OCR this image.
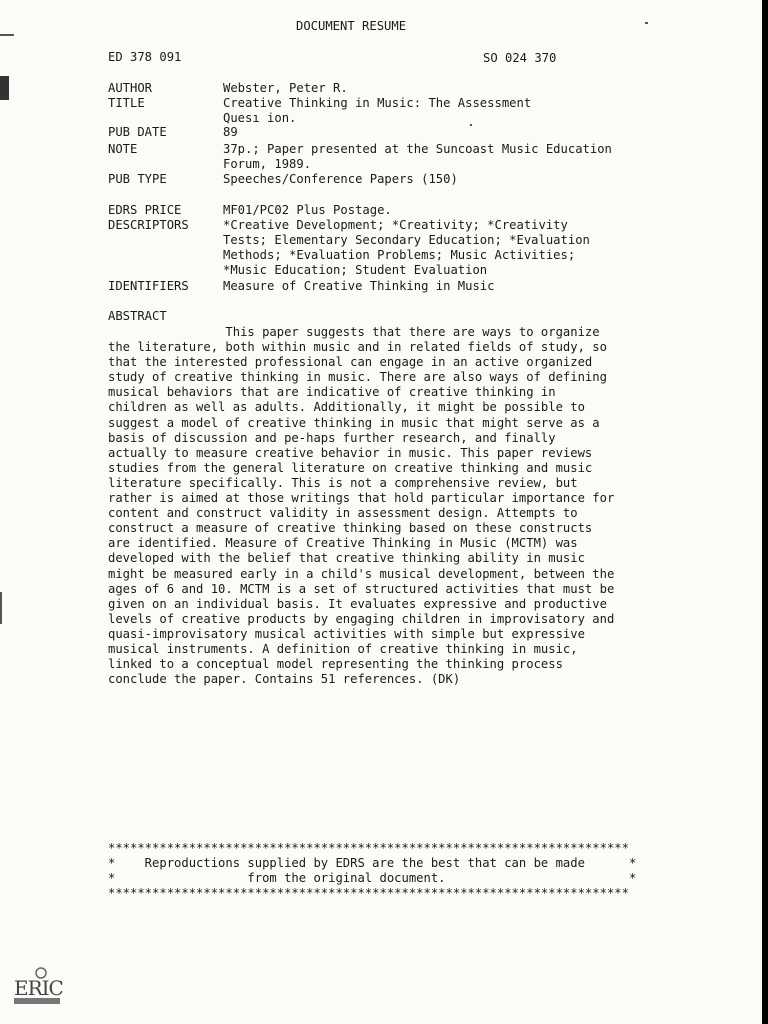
DOCUMENT RESUME
ED 378 091	SO 024 370
AUTHOR	Webster, Peter R.
TITLE	Creative Thinking in Music: The Assessment
Quesı ion.
PUB DATE	89
NOTE	37p.; Paper presented at the Suncoast Music Education
Forum, 1989.
PUB TYPE	Speeches/Conference Papers (150)
EDRS PRICE	MF01/PC02 Plus Postage.
DESCRIPTORS	*Creative Development; *Creativity; *Creativity
Tests; Elementary Secondary Education; *Evaluation
Methods; *Evaluation Problems; Music Activities;
*Music Education; Student Evaluation
IDENTIFIERS	Measure of Creative Thinking in Music
ABSTRACT
This paper suggests that there are ways to organize
the literature, both within music and in related fields of study, so
that the interested professional can engage in an active organized
study of creative thinking in music. There are also ways of defining
musical behaviors that are indicative of creative thinking in
children as well as adults. Additionally, it might be possible to
suggest a model of creative thinking in music that might serve as a
basis of discussion and pe-haps further research, and finally
actually to measure creative behavior in music. This paper reviews
studies from the general literature on creative thinking and music
literature specifically. This is not a comprehensive review, but
rather is aimed at those writings that hold particular importance for
content and construct validity in assessment design. Attempts to
construct a measure of creative thinking based on these constructs
are identified. Measure of Creative Thinking in Music (MCTM) was
developed with the belief that creative thinking ability in music
might be measured early in a child's musical development, between the
ages of 6 and 10. MCTM is a set of structured activities that must be
given on an individual basis. It evaluates expressive and productive
levels of creative products by engaging children in improvisatory and
quasi-improvisatory musical activities with simple but expressive
musical instruments. A definition of creative thinking in music,
linked to a conceptual model representing the thinking process
conclude the paper. Contains 51 references. (DK)
***********************************************************************
*    Reproductions supplied by EDRS are the best that can be made      *
*                  from the original document.                         *
***********************************************************************
ERIC
